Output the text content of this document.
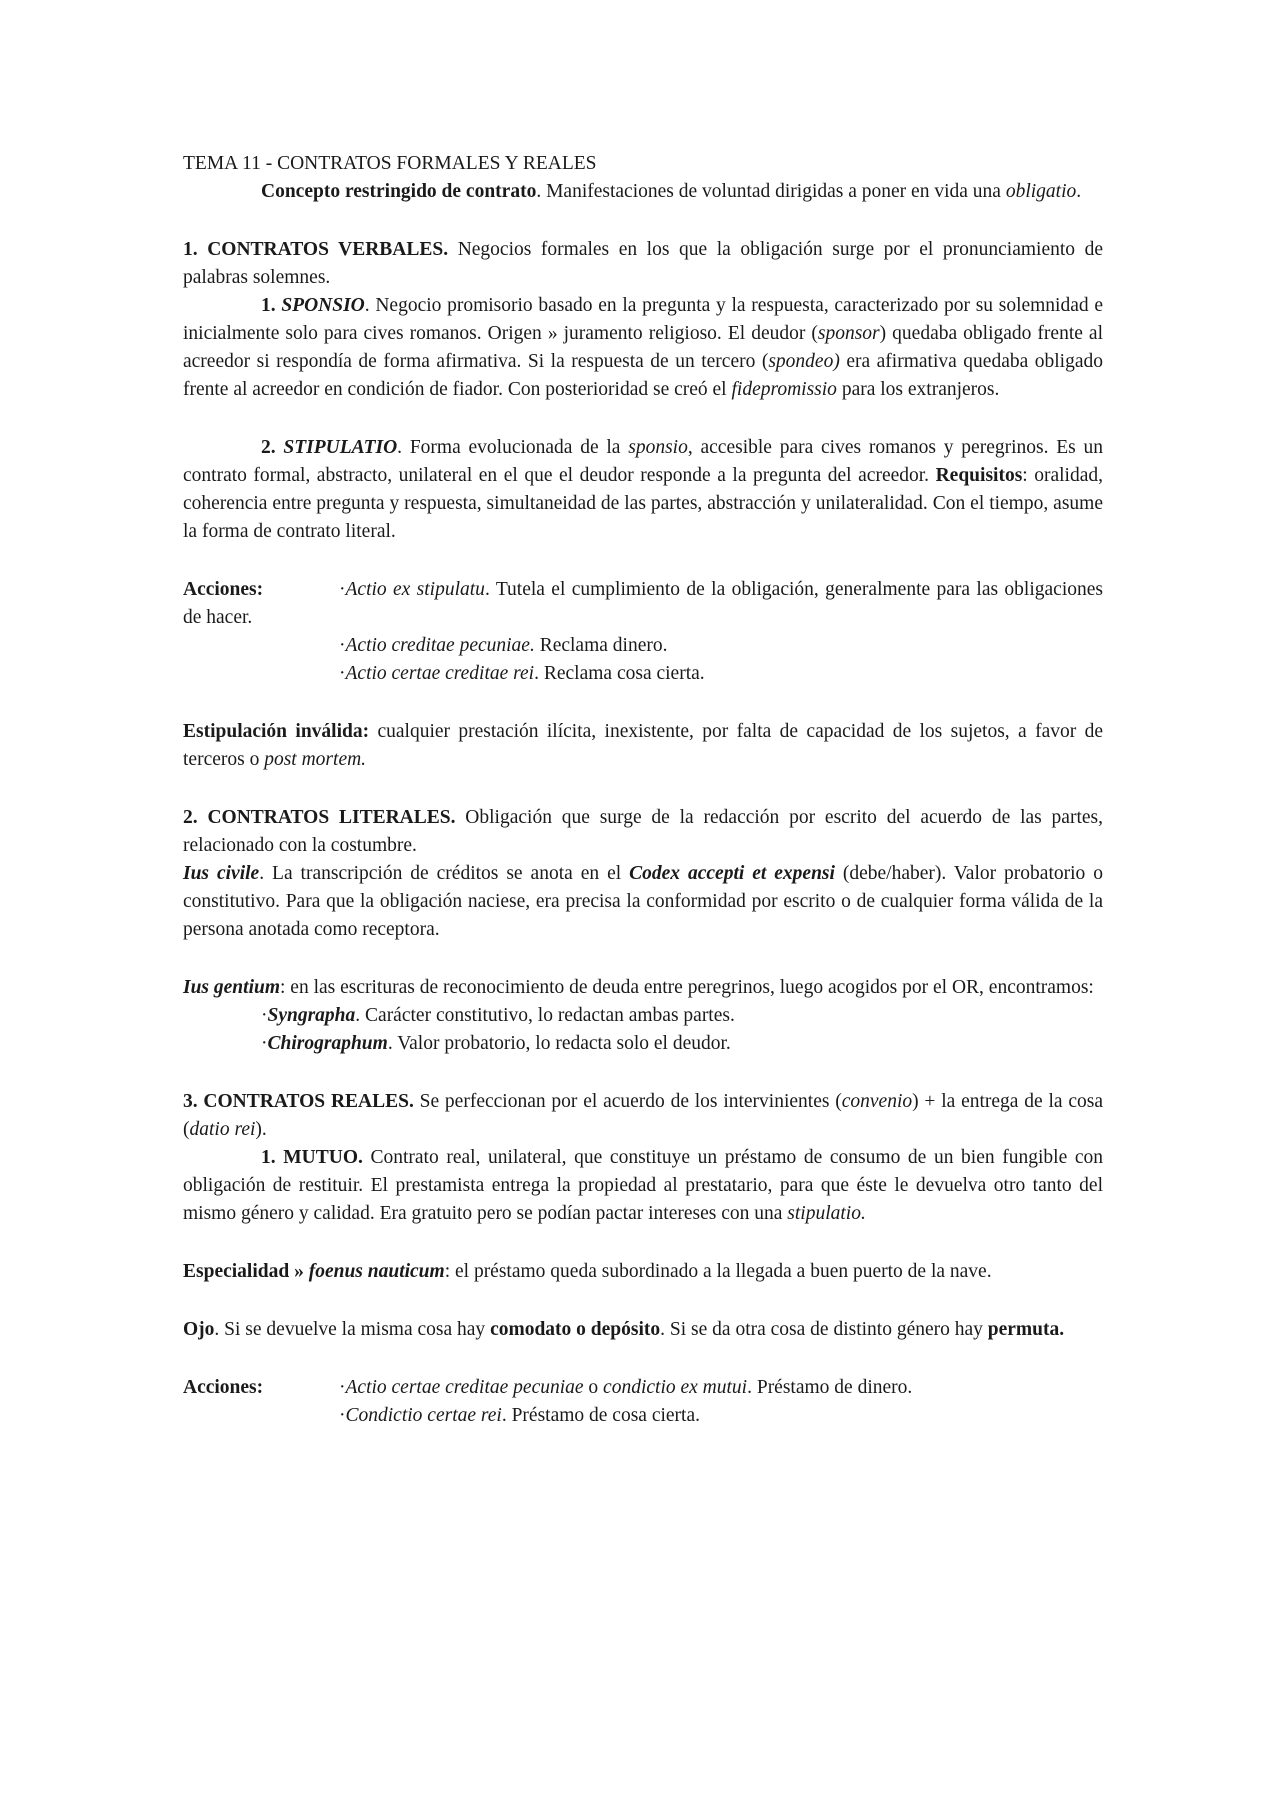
TEMA 11 - CONTRATOS FORMALES Y REALES

Concepto restringido de contrato. Manifestaciones de voluntad dirigidas a poner en vida una obligatio.

1. CONTRATOS VERBALES. Negocios formales en los que la obligación surge por el pronunciamiento de palabras solemnes.

1. SPONSIO. Negocio promisorio basado en la pregunta y la respuesta, caracterizado por su solemnidad e inicialmente solo para cives romanos. Origen » juramento religioso. El deudor (sponsor) quedaba obligado frente al acreedor si respondía de forma afirmativa. Si la respuesta de un tercero (spondeo) era afirmativa quedaba obligado frente al acreedor en condición de fiador. Con posterioridad se creó el fidepromissio para los extranjeros.

2. STIPULATIO. Forma evolucionada de la sponsio, accesible para cives romanos y peregrinos. Es un contrato formal, abstracto, unilateral en el que el deudor responde a la pregunta del acreedor. Requisitos: oralidad, coherencia entre pregunta y respuesta, simultaneidad de las partes, abstracción y unilateralidad. Con el tiempo, asume la forma de contrato literal.

Acciones:	·Actio ex stipulatu. Tutela el cumplimiento de la obligación, generalmente para las obligaciones de hacer.

·Actio creditae pecuniae. Reclama dinero.

·Actio certae creditae rei. Reclama cosa cierta.

Estipulación inválida: cualquier prestación ilícita, inexistente, por falta de capacidad de los sujetos, a favor de terceros o post mortem.

2. CONTRATOS LITERALES. Obligación que surge de la redacción por escrito del acuerdo de las partes, relacionado con la costumbre.

Ius civile. La transcripción de créditos se anota en el Codex accepti et expensi (debe/haber). Valor probatorio o constitutivo. Para que la obligación naciese, era precisa la conformidad por escrito o de cualquier forma válida de la persona anotada como receptora.

Ius gentium: en las escrituras de reconocimiento de deuda entre peregrinos, luego acogidos por el OR, encontramos:

·Syngrapha. Carácter constitutivo, lo redactan ambas partes.

·Chirographum. Valor probatorio, lo redacta solo el deudor.

3. CONTRATOS REALES. Se perfeccionan por el acuerdo de los intervinientes (convenio) + la entrega de la cosa (datio rei).

1. MUTUO. Contrato real, unilateral, que constituye un préstamo de consumo de un bien fungible con obligación de restituir. El prestamista entrega la propiedad al prestatario, para que éste le devuelva otro tanto del mismo género y calidad. Era gratuito pero se podían pactar intereses con una stipulatio.

Especialidad » foenus nauticum: el préstamo queda subordinado a la llegada a buen puerto de la nave.

Ojo. Si se devuelve la misma cosa hay comodato o depósito. Si se da otra cosa de distinto género hay permuta.

Acciones:	·Actio certae creditae pecuniae o condictio ex mutui. Préstamo de dinero.

·Condictio certae rei. Préstamo de cosa cierta.
